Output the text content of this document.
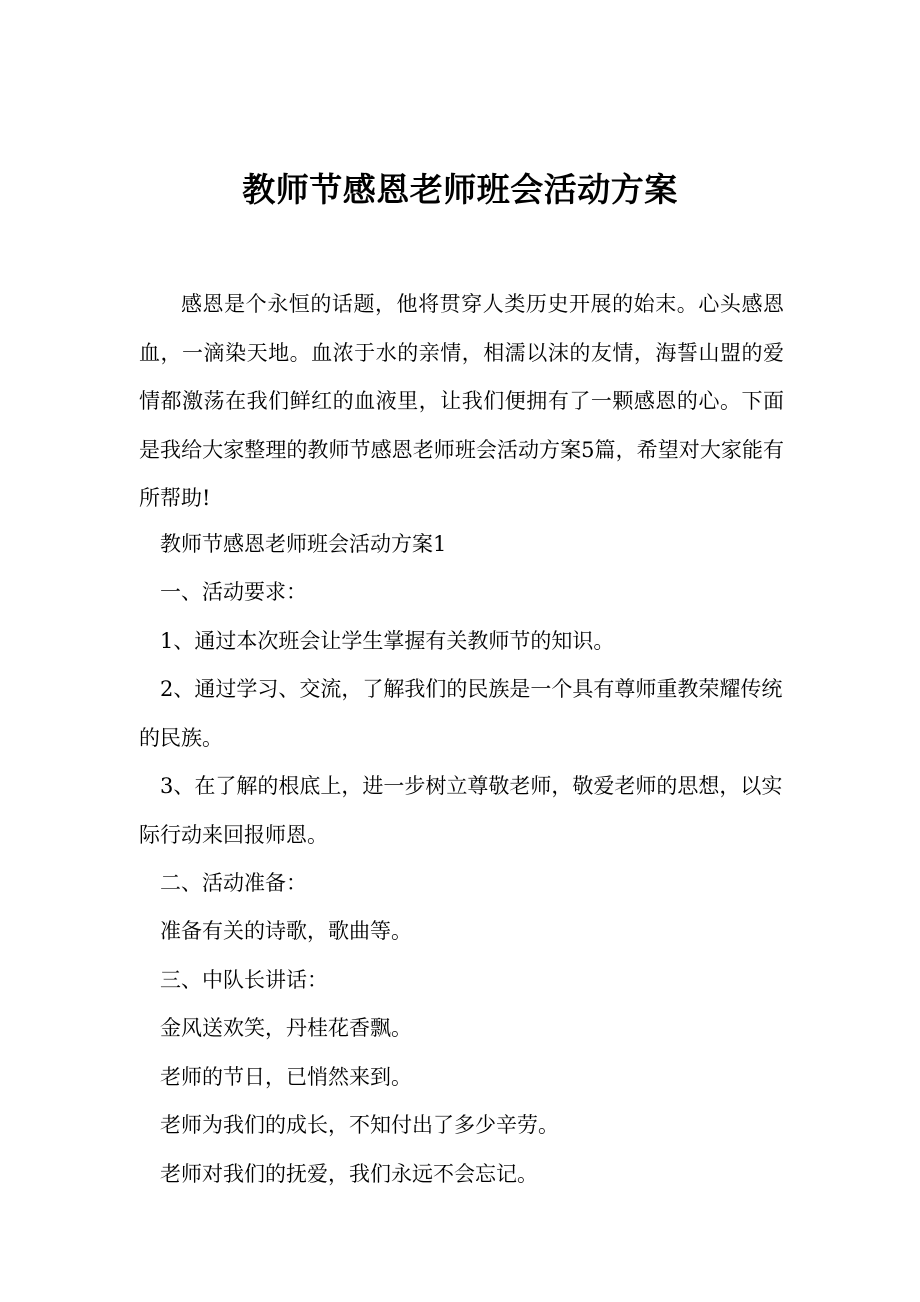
教师节感恩老师班会活动方案

感恩是个永恒的话题，他将贯穿人类历史开展的始末。心头感恩血，一滴染天地。血浓于水的亲情，相濡以沫的友情，海誓山盟的爱情都激荡在我们鲜红的血液里，让我们便拥有了一颗感恩的心。下面是我给大家整理的教师节感恩老师班会活动方案5篇，希望对大家能有所帮助!

教师节感恩老师班会活动方案1

一、活动要求：

1、通过本次班会让学生掌握有关教师节的知识。

2、通过学习、交流，了解我们的民族是一个具有尊师重教荣耀传统的民族。

3、在了解的根底上，进一步树立尊敬老师，敬爱老师的思想，以实际行动来回报师恩。

二、活动准备：

准备有关的诗歌，歌曲等。

三、中队长讲话：

金风送欢笑，丹桂花香飘。

老师的节日，已悄然来到。

老师为我们的成长，不知付出了多少辛劳。

老师对我们的抚爱，我们永远不会忘记。
